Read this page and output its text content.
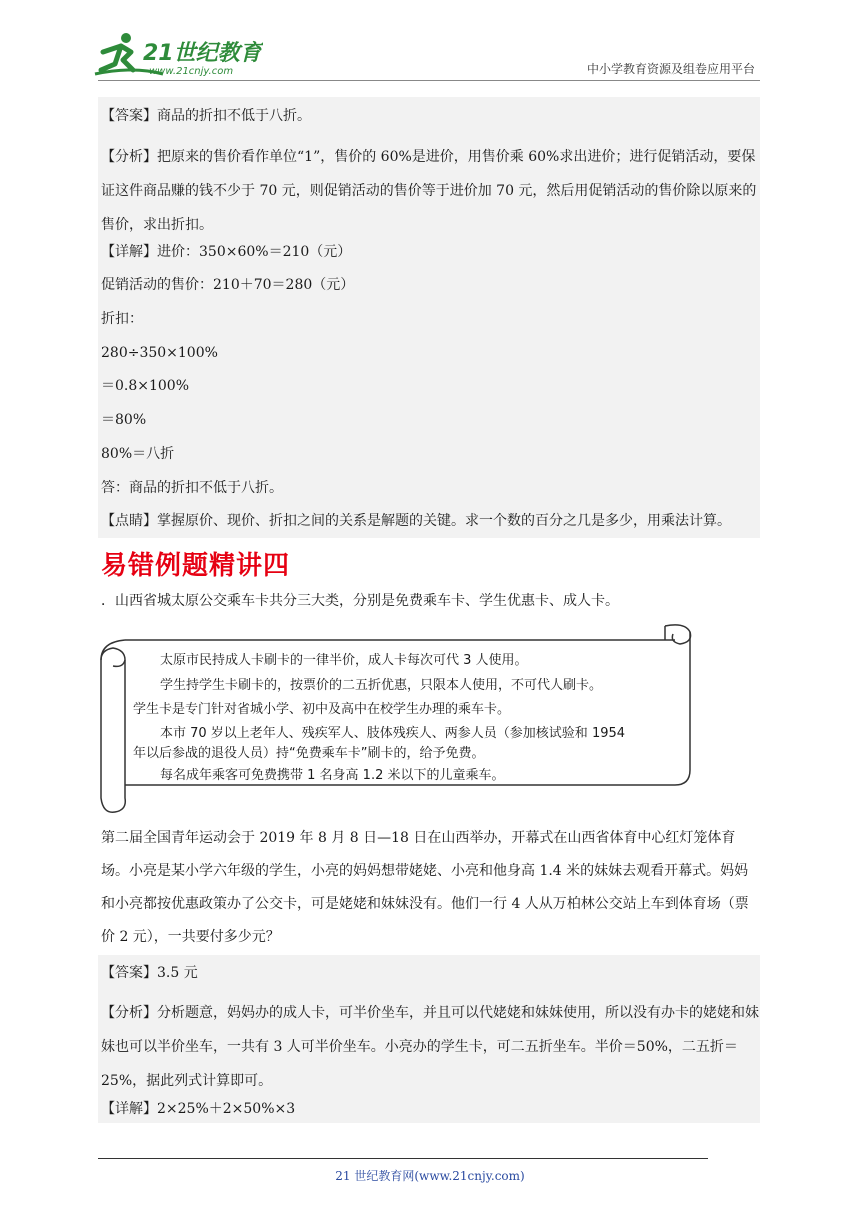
21世纪教育
www.21cnjy.com	中小学教育资源及组卷应用平台
【答案】商品的折扣不低于八折。
【分析】把原来的售价看作单位“1”，售价的 60%是进价，用售价乘 60%求出进价；进行促销活动，要保证这件商品赚的钱不少于 70 元，则促销活动的售价等于进价加 70 元，然后用促销活动的售价除以原来的售价，求出折扣。
【详解】进价：350×60%＝210（元）
促销活动的售价：210＋70＝280（元）
折扣：
280÷350×100%
＝0.8×100%
＝80%
80%＝八折
答：商品的折扣不低于八折。
【点睛】掌握原价、现价、折扣之间的关系是解题的关键。求一个数的百分之几是多少，用乘法计算。
易错例题精讲四
．山西省城太原公交乘车卡共分三大类，分别是免费乘车卡、学生优惠卡、成人卡。
太原市民持成人卡刷卡的一律半价，成人卡每次可代 3 人使用。
学生持学生卡刷卡的，按票价的二五折优惠，只限本人使用，不可代人刷卡。
学生卡是专门针对省城小学、初中及高中在校学生办理的乘车卡。
本市 70 岁以上老年人、残疾军人、肢体残疾人、两参人员（参加核试验和 1954
年以后参战的退役人员）持“免费乘车卡”刷卡的，给予免费。
每名成年乘客可免费携带 1 名身高 1.2 米以下的儿童乘车。
第二届全国青年运动会于 2019 年 8 月 8 日—18 日在山西举办，开幕式在山西省体育中心红灯笼体育场。小亮是某小学六年级的学生，小亮的妈妈想带姥姥、小亮和他身高 1.4 米的妹妹去观看开幕式。妈妈和小亮都按优惠政策办了公交卡，可是姥姥和妹妹没有。他们一行 4 人从万柏林公交站上车到体育场（票价 2 元），一共要付多少元？
【答案】3.5 元
【分析】分析题意，妈妈办的成人卡，可半价坐车，并且可以代姥姥和妹妹使用，所以没有办卡的姥姥和妹妹也可以半价坐车，一共有 3 人可半价坐车。小亮办的学生卡，可二五折坐车。半价＝50%，二五折＝25%，据此列式计算即可。
【详解】2×25%＋2×50%×3
21 世纪教育网(www.21cnjy.com)
